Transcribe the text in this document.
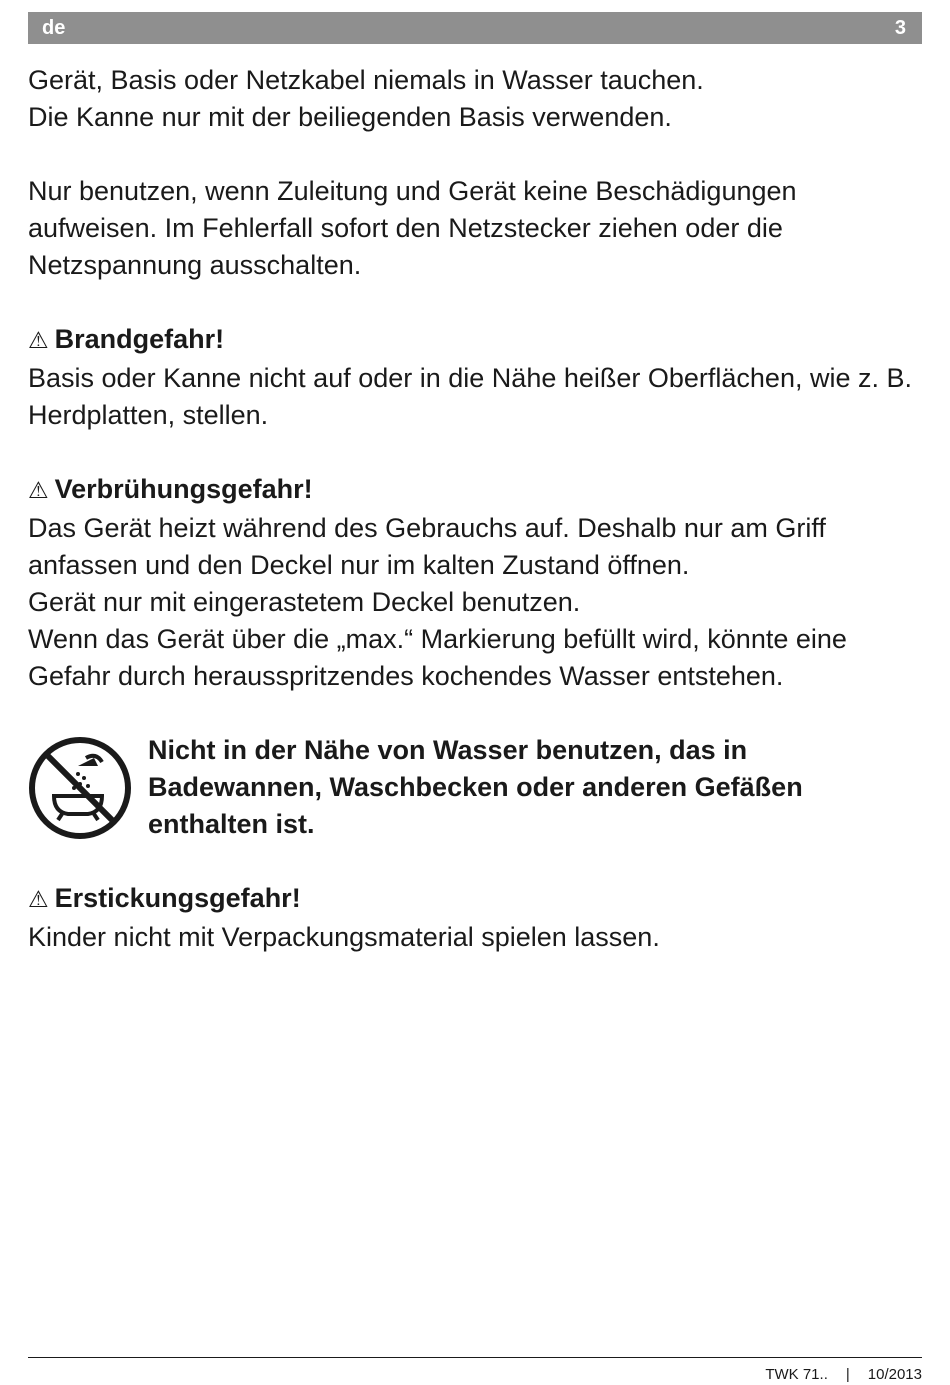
de	3

Gerät, Basis oder Netzkabel niemals in Wasser tauchen.

Die Kanne nur mit der beiliegenden Basis verwenden.

Nur benutzen, wenn Zuleitung und Gerät keine Beschädigungen aufweisen. Im Fehlerfall sofort den Netzstecker ziehen oder die Netzspannung ausschalten.

⚠ Brandgefahr!

Basis oder Kanne nicht auf oder in die Nähe heißer Oberflächen, wie z. B. Herdplatten, stellen.

⚠ Verbrühungsgefahr!

Das Gerät heizt während des Gebrauchs auf. Deshalb nur am Griff anfassen und den Deckel nur im kalten Zustand öffnen.

Gerät nur mit eingerastetem Deckel benutzen.

Wenn das Gerät über die „max.“ Markierung befüllt wird, könnte eine Gefahr durch herausspritzendes kochendes Wasser entstehen.

Nicht in der Nähe von Wasser benutzen, das in Badewannen, Waschbecken oder anderen Gefäßen enthalten ist.

⚠ Erstickungsgefahr!

Kinder nicht mit Verpackungsmaterial spielen lassen.

TWK 71.. | 10/2013
